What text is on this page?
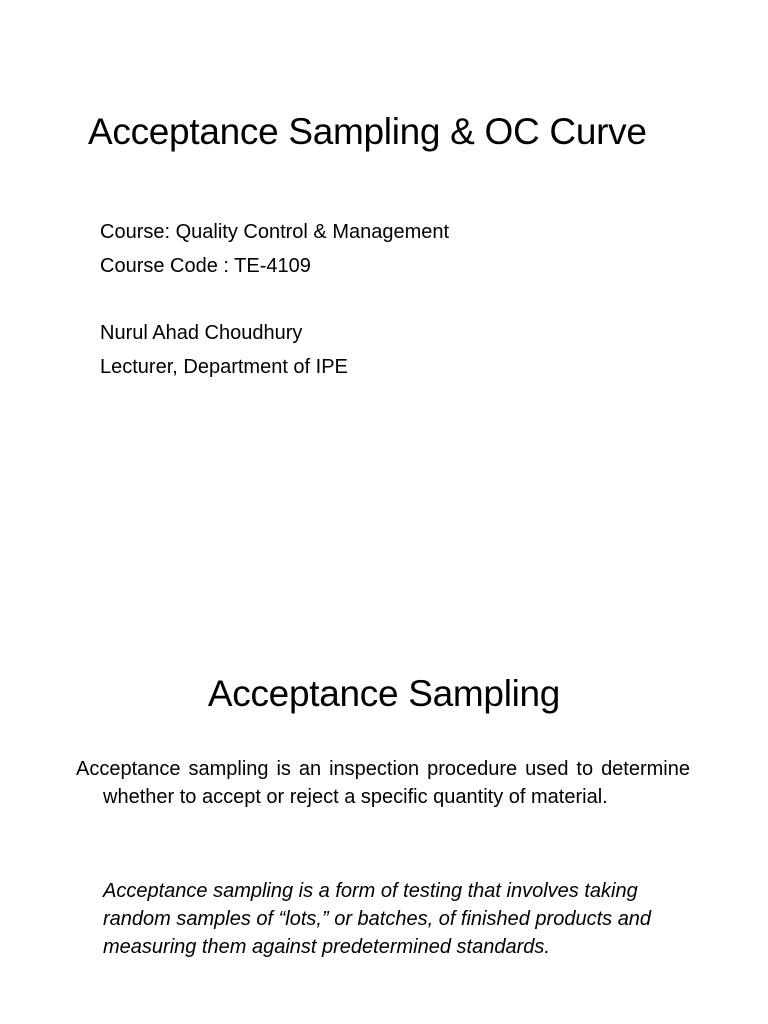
Acceptance Sampling & OC Curve
Course: Quality Control & Management
Course Code : TE-4109
Nurul Ahad Choudhury
Lecturer, Department of IPE
Acceptance Sampling
Acceptance sampling is an inspection procedure used to determine whether to accept or reject a specific quantity of material.
Acceptance sampling is a form of testing that involves taking random samples of “lots,” or batches, of finished products and measuring them against predetermined standards.
